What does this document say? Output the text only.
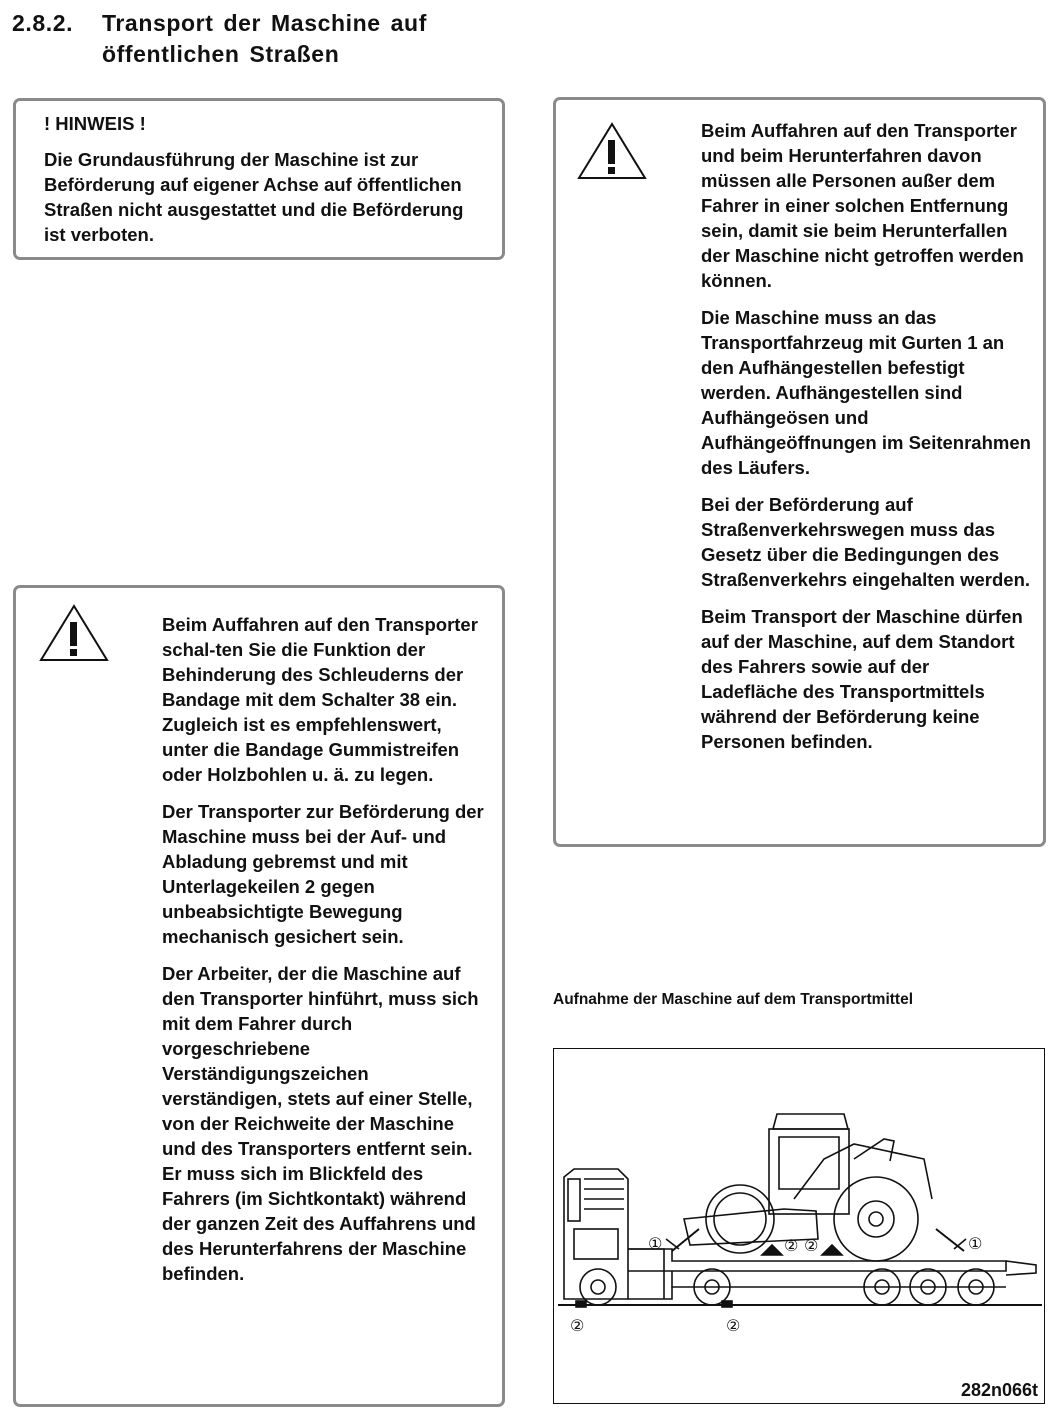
2.8.2. Transport der Maschine auf
öffentlichen Straßen
! HINWEIS !
Die Grundausführung der Maschine ist zur Beförderung auf eigener Achse auf öffentlichen Straßen nicht ausgestattet und die Beförderung ist verboten.

Beim Auffahren auf den Transporter schal-ten Sie die Funktion der Behinderung des Schleuderns der Bandage mit dem Schalter 38 ein. Zugleich ist es empfehlenswert, unter die Bandage Gummistreifen oder Holzbohlen u. ä. zu legen.

Der Transporter zur Beförderung der Maschine muss bei der Auf- und Abladung gebremst und mit Unterlagekeilen 2 gegen unbeabsichtigte Bewegung mechanisch gesichert sein.

Der Arbeiter, der die Maschine auf den Transporter hinführt, muss sich mit dem Fahrer durch vorgeschriebene Verständigungszeichen verständigen, stets auf einer Stelle, von der Reichweite der Maschine und des Transporters entfernt sein. Er muss sich im Blickfeld des Fahrers (im Sichtkontakt) während der ganzen Zeit des Auffahrens und des Herunterfahrens der Maschine befinden.

Beim Auffahren auf den Transporter und beim Herunterfahren davon müssen alle Personen außer dem Fahrer in einer solchen Entfernung sein, damit sie beim Herunterfallen der Maschine nicht getroffen werden können.

Die Maschine muss an das Transportfahrzeug mit Gurten 1 an den Aufhängestellen befestigt werden. Aufhängestellen sind Aufhängeösen und Aufhängeöffnungen im Seitenrahmen des Läufers.

Bei der Beförderung auf Straßenverkehrswegen muss das Gesetz über die Bedingungen des Straßenverkehrs eingehalten werden.

Beim Transport der Maschine dürfen auf der Maschine, auf dem Standort des Fahrers sowie auf der Ladefläche des Transportmittels während der Beförderung keine Personen befinden.

Aufnahme der Maschine auf dem Transportmittel
①	①
② ②
②	②
282n066t
